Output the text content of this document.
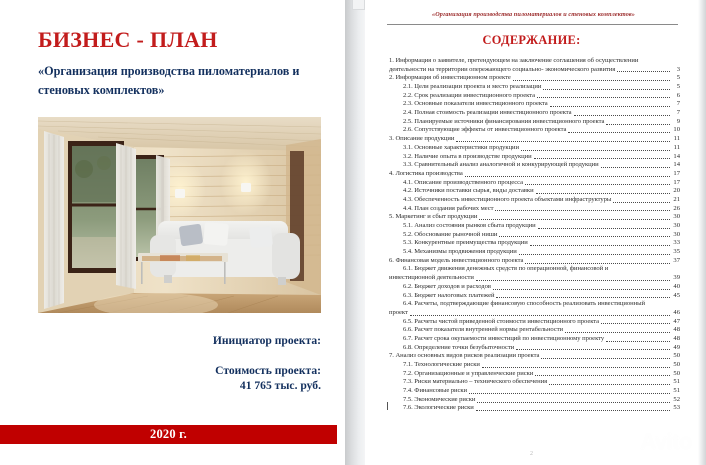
БИЗНЕС - ПЛАН
«Организация производства пиломатериалов и стеновых комплектов»
Инициатор проекта:
Стоимость проекта:
41 765 тыс. руб.
2020 г.
«Организация производства пиломатериалов и стеновых комплектов»
СОДЕРЖАНИЕ:
1. Информация о заявителе, претендующем на заключение соглашения об осуществлении
деятельности на территории опережающего социально- экономического развития	3
2. Информация об инвестиционном проекте	5
2.1. Цели реализации проекта и место реализации	5
2.2. Срок реализации инвестиционного проекта	6
2.3. Основные показатели инвестиционного проекта	7
2.4. Полная стоимость реализации инвестиционного проекта	7
2.5. Планируемые источники финансирования инвестиционного проекта	9
2.6. Сопутствующие эффекты от инвестиционного проекта	10
3. Описание продукции	11
3.1. Основные характеристики продукции	11
3.2. Наличие опыта в производстве продукции	14
3.3. Сравнительный анализ аналогичной и конкурирующей продукции	14
4. Логистика производства	17
4.1. Описание производственного процесса	17
4.2. Источники поставки сырья, виды доставки	20
4.3. Обеспеченность инвестиционного проекта объектами инфраструктуры	21
4.4. План создания рабочих мест	26
5. Маркетинг и сбыт продукции	30
5.1. Анализ состояния рынков сбыта продукции	30
5.2. Обоснование рыночной ниши	30
5.3. Конкурентные преимущества продукции	33
5.4. Механизмы продвижения продукции	35
6. Финансовая модель инвестиционного проекта	37
6.1. Бюджет движения денежных средств по операционной, финансовой и
инвестиционной деятельности	39
6.2. Бюджет доходов и расходов	40
6.3. Бюджет налоговых платежей	45
6.4. Расчеты, подтверждающие финансовую способность реализовать инвестиционный
проект	46
6.5. Расчеты чистой приведенной стоимости инвестиционного проекта	47
6.6. Расчет показателя внутренней нормы рентабельности	48
6.7. Расчет срока окупаемости инвестиций по инвестиционному проекту	48
6.8. Определение точки безубыточности	49
7. Анализ основных видов рисков реализации проекта	50
7.1. Технологические риски	50
7.2. Организационные и управленческие риски	50
7.3. Риски материально – технического обеспечения	51
7.4. Финансовые риски	51
7.5. Экономические риски	52
7.6. Экологические риски	53
2	Avito
